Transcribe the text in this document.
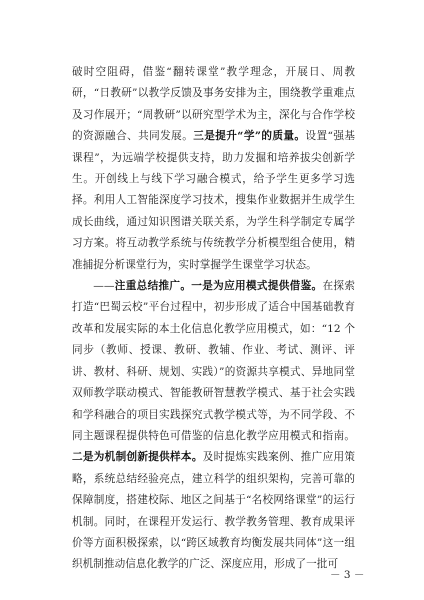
破时空阻碍，借鉴“翻转课堂”教学理念，开展日、周教研，“日教研”以教学反馈及事务安排为主，围绕教学重难点及习作展开；“周教研”以研究型学术为主，深化与合作学校的资源融合、共同发展。三是提升“学”的质量。设置“强基课程”，为远端学校提供支持，助力发掘和培养拔尖创新学生。开创线上与线下学习融合模式，给予学生更多学习选择。利用人工智能深度学习技术，搜集作业数据并生成学生成长曲线，通过知识图谱关联关系，为学生科学制定专属学习方案。将互动教学系统与传统教学分析模型组合使用，精准捕捉分析课堂行为，实时掌握学生课堂学习状态。

——注重总结推广。一是为应用模式提供借鉴。在探索打造“巴蜀云校”平台过程中，初步形成了适合中国基础教育改革和发展实际的本土化信息化教学应用模式，如：“12 个同步（教师、授课、教研、教辅、作业、考试、测评、评讲、教材、科研、规划、实践）”的资源共享模式、异地同堂双师教学联动模式、智能教研智慧教学模式、基于社会实践和学科融合的项目实践探究式教学模式等，为不同学段、不同主题课程提供特色可借鉴的信息化教学应用模式和指南。二是为机制创新提供样本。及时提炼实践案例、推广应用策略，系统总结经验亮点，建立科学的组织架构，完善可靠的保障制度，搭建校际、地区之间基于“名校网络课堂”的运行机制。同时，在课程开发运行、教学教务管理、教育成果评价等方面积极探索，以“跨区域教育均衡发展共同体”这一组织机制推动信息化教学的广泛、深度应用，形成了一批可

－ 3 －
